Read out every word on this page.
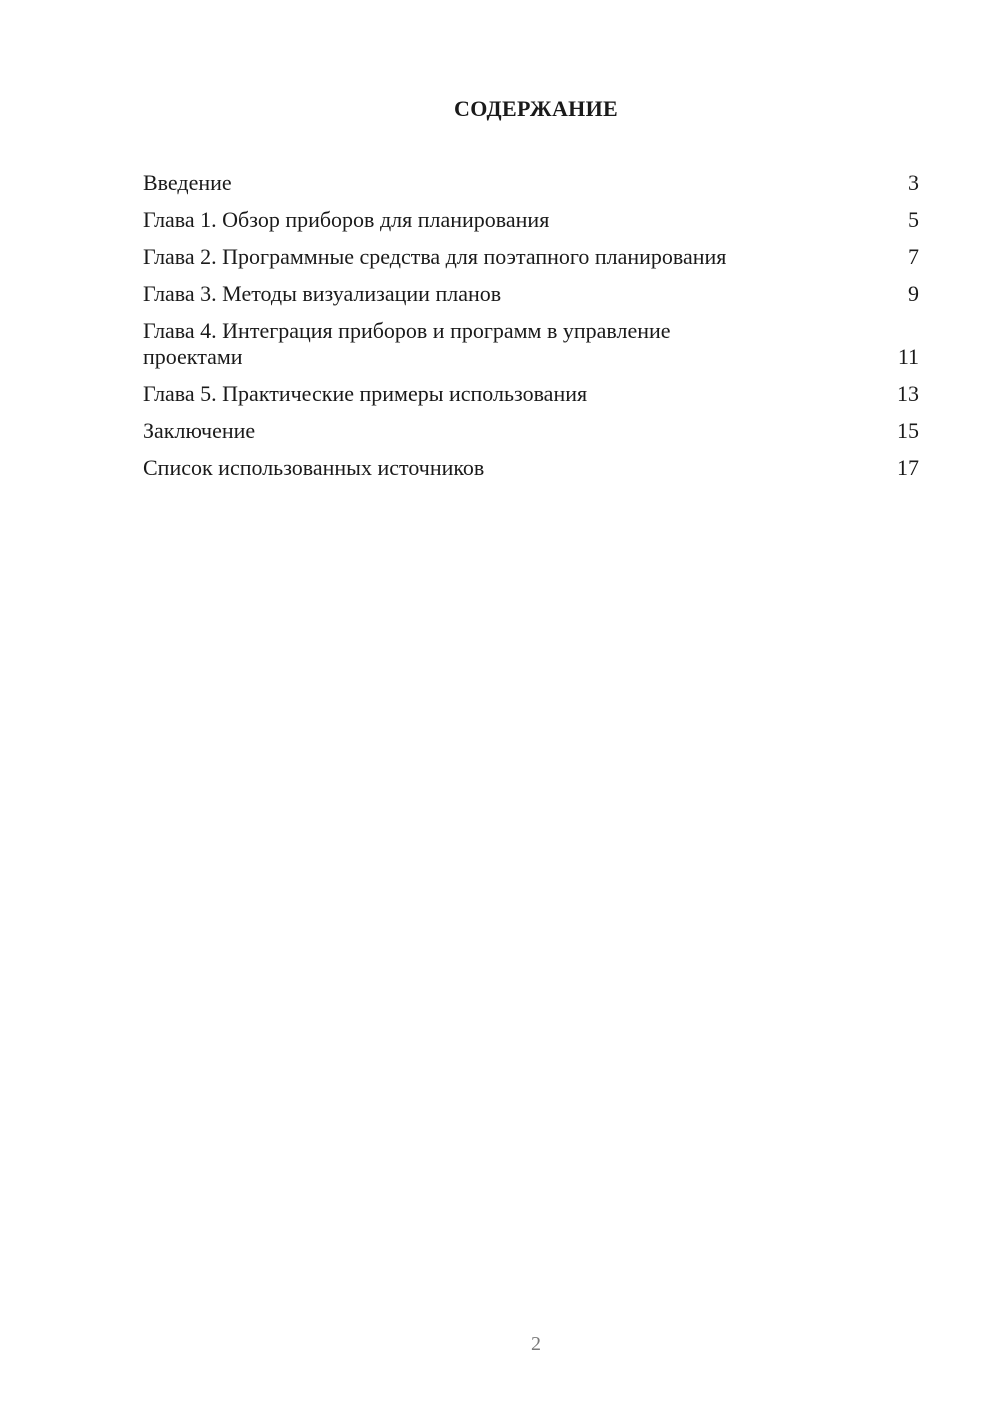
СОДЕРЖАНИЕ
Введение	3
Глава 1. Обзор приборов для планирования	5
Глава 2. Программные средства для поэтапного планирования	7
Глава 3. Методы визуализации планов	9
Глава 4. Интеграция приборов и программ в управление проектами	11
Глава 5. Практические примеры использования	13
Заключение	15
Список использованных источников	17
2
